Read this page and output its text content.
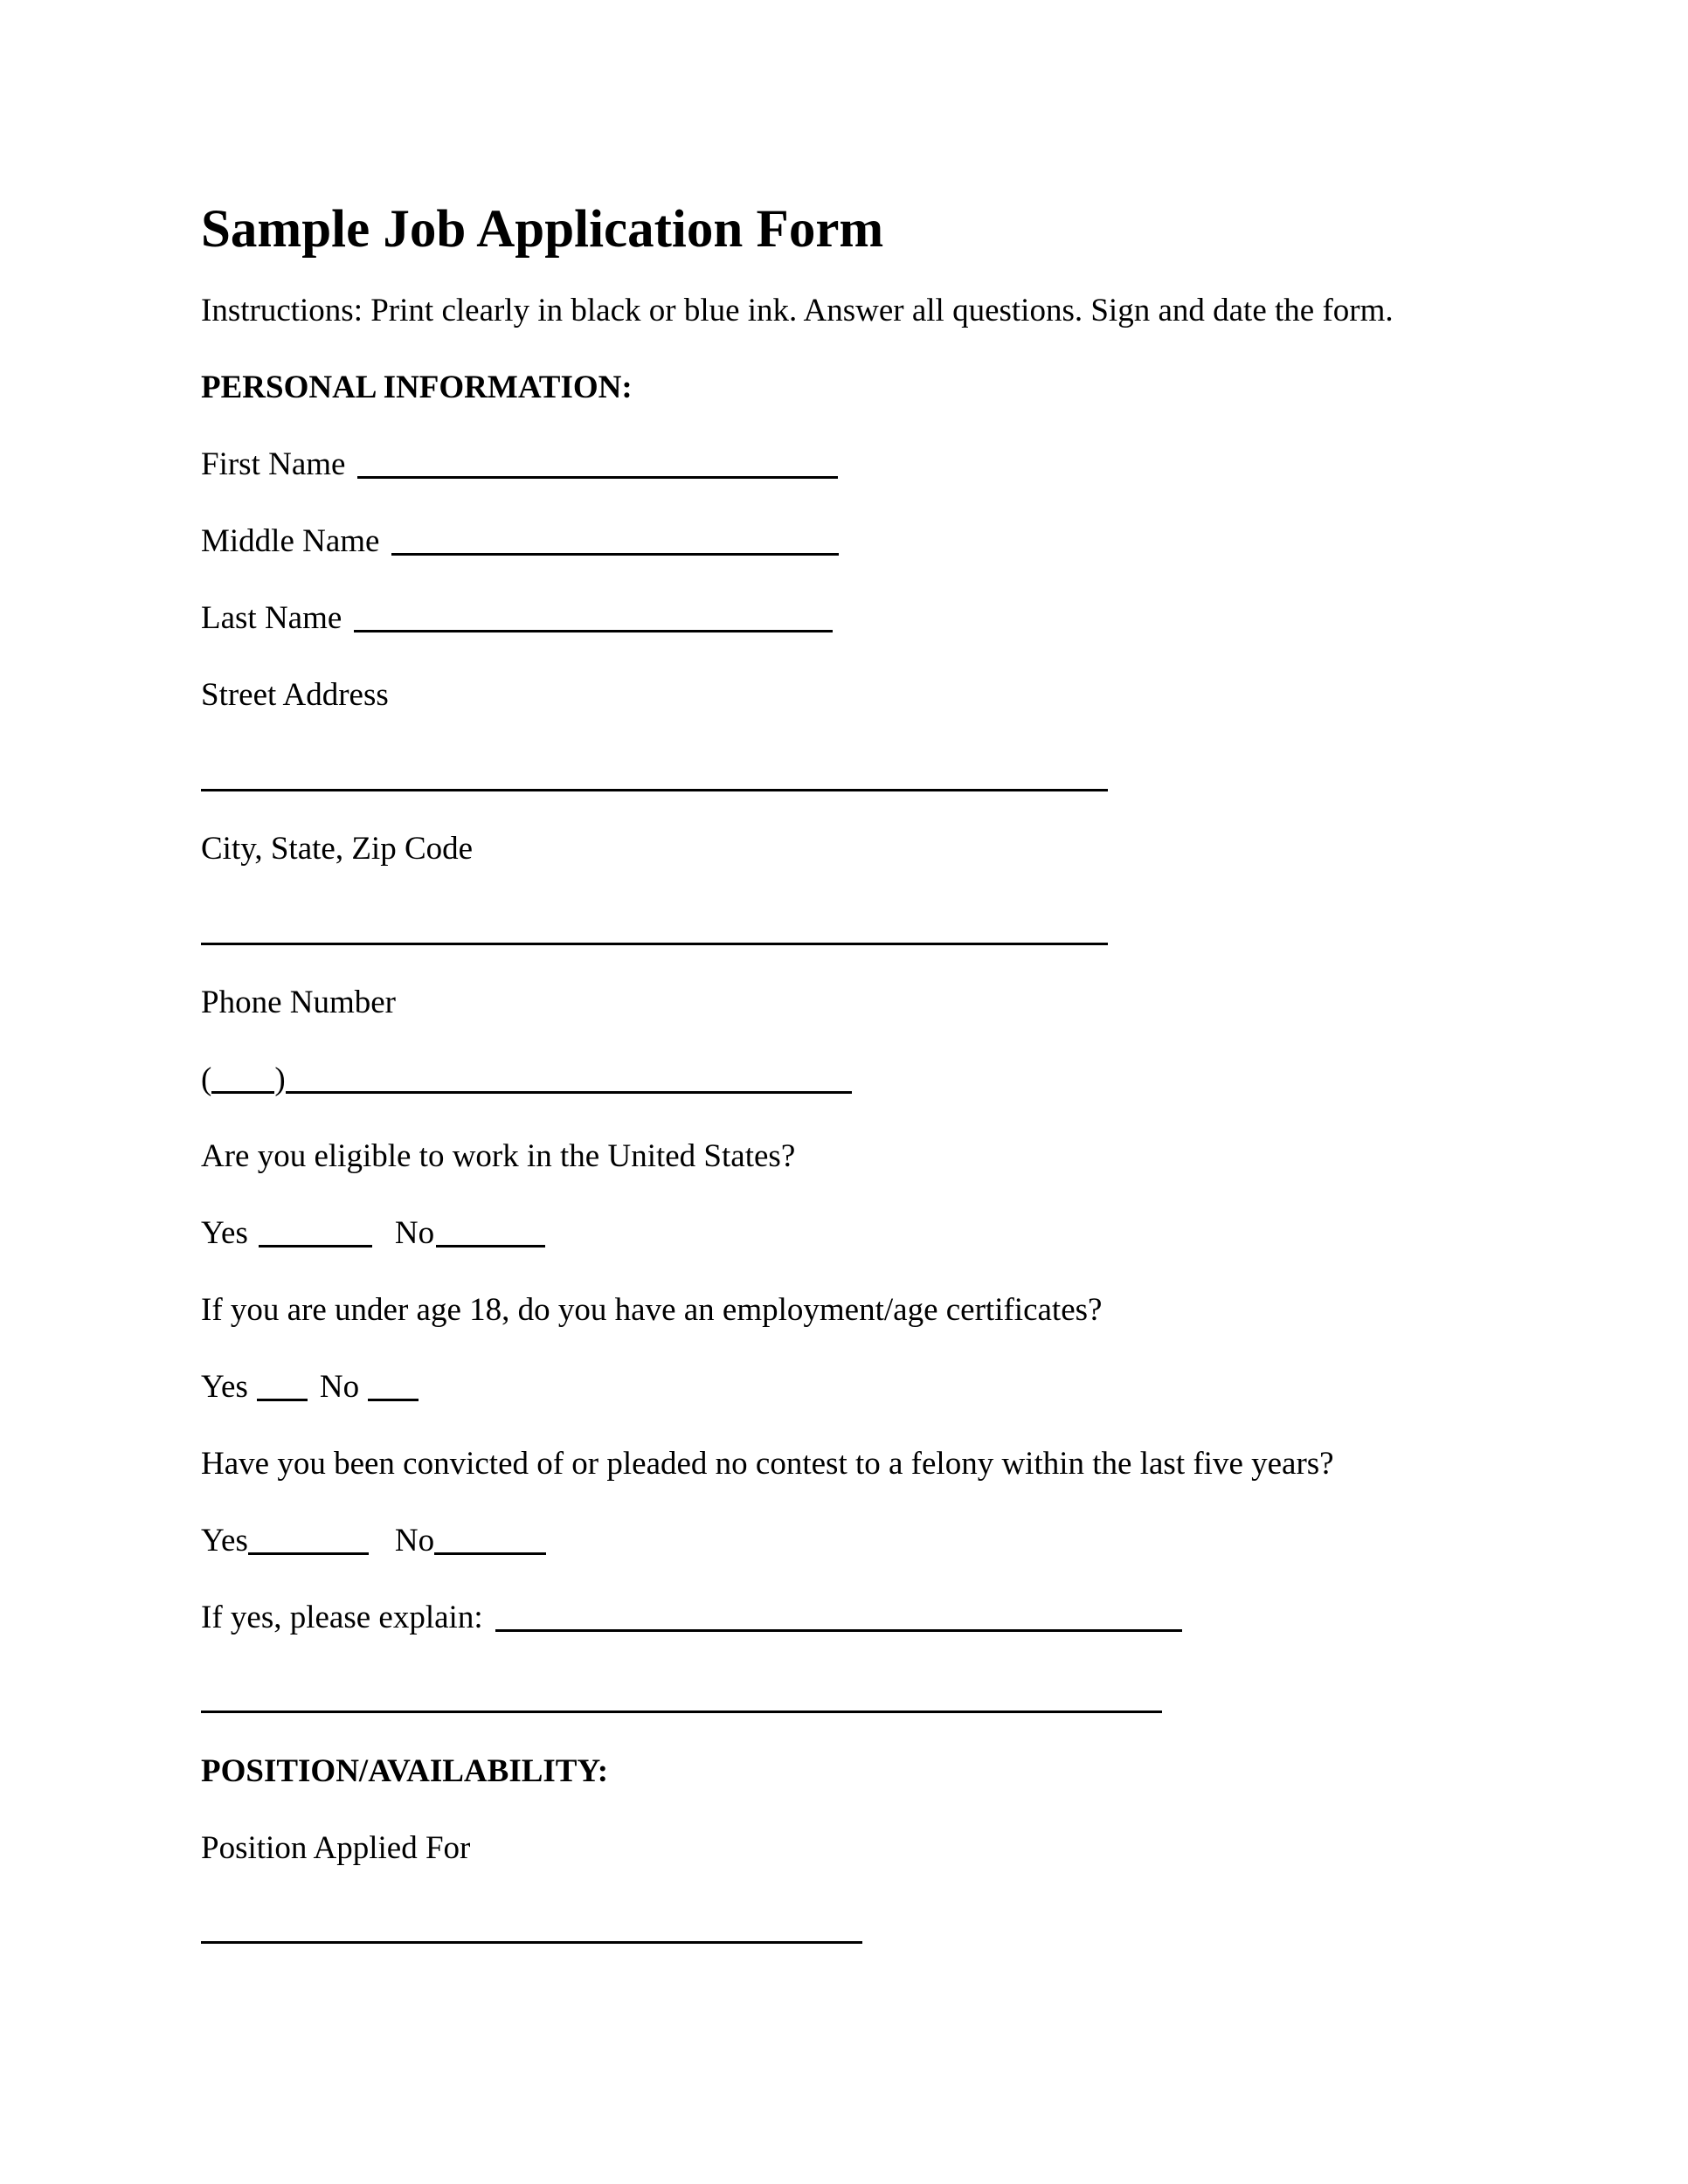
Sample Job Application Form
Instructions: Print clearly in black or blue ink. Answer all questions. Sign and date the form.
PERSONAL INFORMATION:
First Name
Middle Name
Last Name
Street Address
City, State, Zip Code
Phone Number
( )
Are you eligible to work in the United States?
Yes	No
If you are under age 18, do you have an employment/age certificates?
Yes No
Have you been convicted of or pleaded no contest to a felony within the last five years?
Yes	No
If yes, please explain:
POSITION/AVAILABILITY:
Position Applied For
